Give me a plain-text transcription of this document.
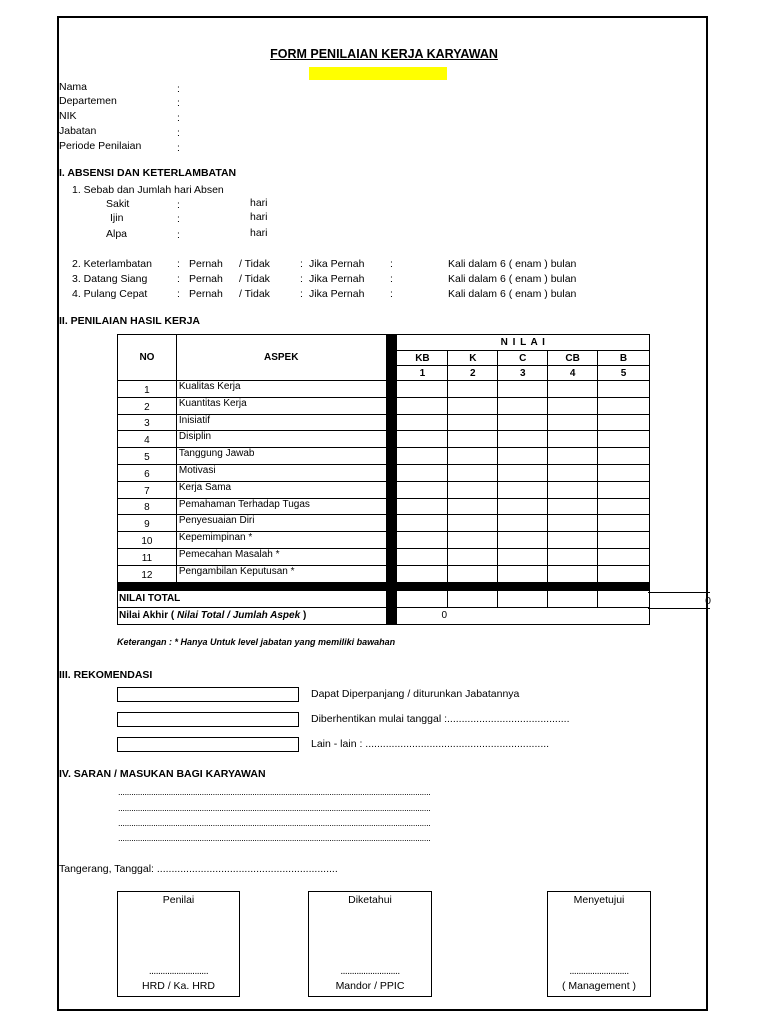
FORM PENILAIAN KERJA KARYAWAN
Nama	:
Departemen	:
NIK	:
Jabatan	:
Periode Penilaian	:
I. ABSENSI DAN KETERLAMBATAN
1. Sebab dan Jumlah hari Absen
Sakit	:	hari
Ijin	:	hari
Alpa	:	hari
2. Keterlambatan : Pernah / Tidak	: Jika Pernah :	Kali dalam 6 ( enam ) bulan
3. Datang Siang	: Pernah / Tidak	: Jika Pernah :	Kali dalam 6 ( enam ) bulan
4. Pulang Cepat	: Pernah / Tidak	: Jika Pernah :	Kali dalam 6 ( enam ) bulan
II. PENILAIAN HASIL KERJA
NO	ASPEK		N I L A I				
			KB	K	C	CB	B
			1	2	3	4	5
1	Kualitas Kerja						
2	Kuantitas Kerja						
3	Inisiatif						
4	Disiplin						
5	Tanggung Jawab						
6	Motivasi						
7	Kerja Sama						
8	Pemahaman Terhadap Tugas						
9	Penyesuaian Diri						
10	Kepemimpinan *						
11	Pemecahan Masalah *						
12	Pengambilan Keputusan *						

NILAI TOTAL							
Nilai Akhir ( Nilai Total / Jumlah Aspek )			0				
0
Keterangan : * Hanya Untuk level jabatan yang memiliki bawahan
III. REKOMENDASI
Dapat Diperpanjang / diturunkan Jabatannya
Diberhentikan mulai tanggal :..........................................
Lain - lain : ...............................................................
IV. SARAN / MASUKAN BAGI KARYAWAN
..............................................................................................................................................
..............................................................................................................................................
..............................................................................................................................................
..............................................................................................................................................
Tangerang, Tanggal: ..............................................................
Penilai
..........................
HRD / Ka. HRD
Diketahui
..........................
Mandor / PPIC
Menyetujui
..........................
( Management )
